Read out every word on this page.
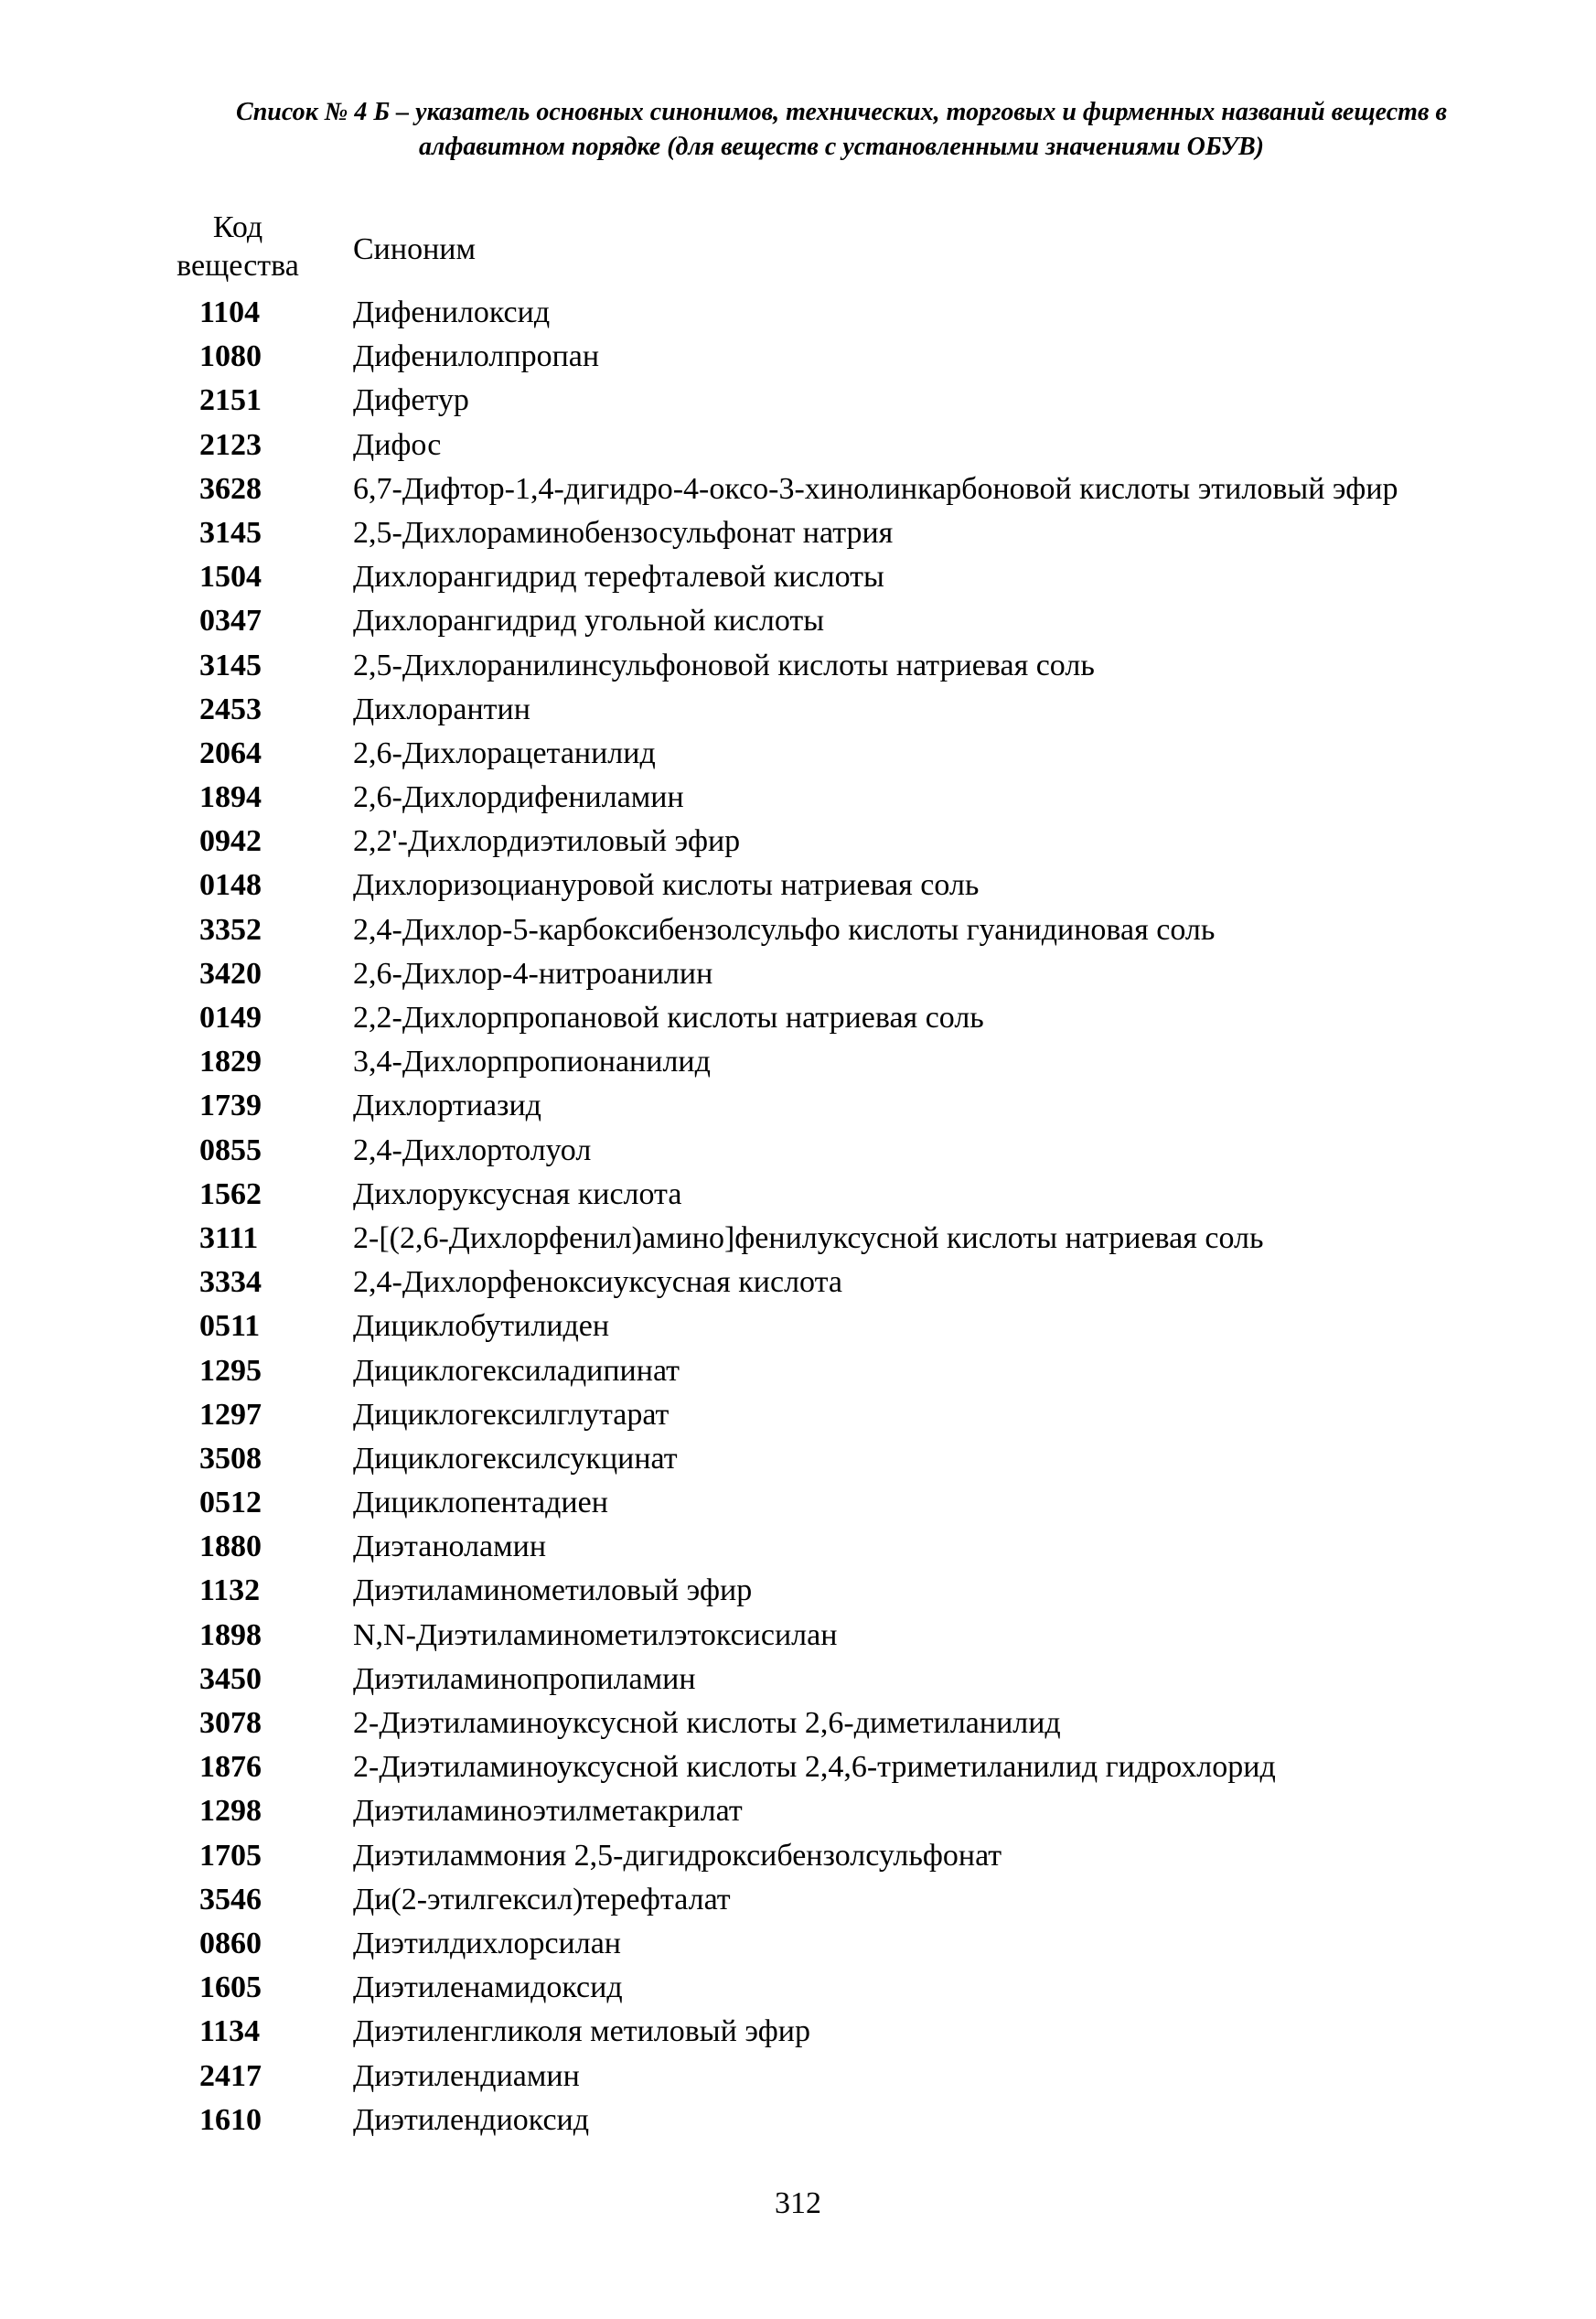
Список № 4 Б – указатель основных синонимов, технических, торговых и фирменных названий веществ в
алфавитном порядке (для веществ с установленными значениями ОБУВ)
Код
вещества	Синоним
1104	Дифенилоксид
1080	Дифенилолпропан
2151	Дифетур
2123	Дифос
3628	6,7-Дифтор-1,4-дигидро-4-оксо-3-хинолинкарбоновой кислоты этиловый эфир
3145	2,5-Дихлораминобензосульфонат натрия
1504	Дихлорангидрид терефталевой кислоты
0347	Дихлорангидрид угольной кислоты
3145	2,5-Дихлоранилинсульфоновой кислоты натриевая соль
2453	Дихлорантин
2064	2,6-Дихлорацетанилид
1894	2,6-Дихлордифениламин
0942	2,2'-Дихлордиэтиловый эфир
0148	Дихлоризоциануровой кислоты натриевая соль
3352	2,4-Дихлор-5-карбоксибензолсульфо кислоты гуанидиновая соль
3420	2,6-Дихлор-4-нитроанилин
0149	2,2-Дихлорпропановой кислоты натриевая соль
1829	3,4-Дихлорпропионанилид
1739	Дихлортиазид
0855	2,4-Дихлортолуол
1562	Дихлоруксусная кислота
3111	2-[(2,6-Дихлорфенил)амино]фенилуксусной кислоты натриевая соль
3334	2,4-Дихлорфеноксиуксусная кислота
0511	Дициклобутилиден
1295	Дициклогексиладипинат
1297	Дициклогексилглутарат
3508	Дициклогексилсукцинат
0512	Дициклопентадиен
1880	Диэтаноламин
1132	Диэтиламинометиловый эфир
1898	N,N-Диэтиламинометилэтоксисилан
3450	Диэтиламинопропиламин
3078	2-Диэтиламиноуксусной кислоты 2,6-диметиланилид
1876	2-Диэтиламиноуксусной кислоты 2,4,6-триметиланилид гидрохлорид
1298	Диэтиламиноэтилметакрилат
1705	Диэтиламмония 2,5-дигидроксибензолсульфонат
3546	Ди(2-этилгексил)терефталат
0860	Диэтилдихлорсилан
1605	Диэтиленамидоксид
1134	Диэтиленгликоля метиловый эфир
2417	Диэтилендиамин
1610	Диэтилендиоксид
312
